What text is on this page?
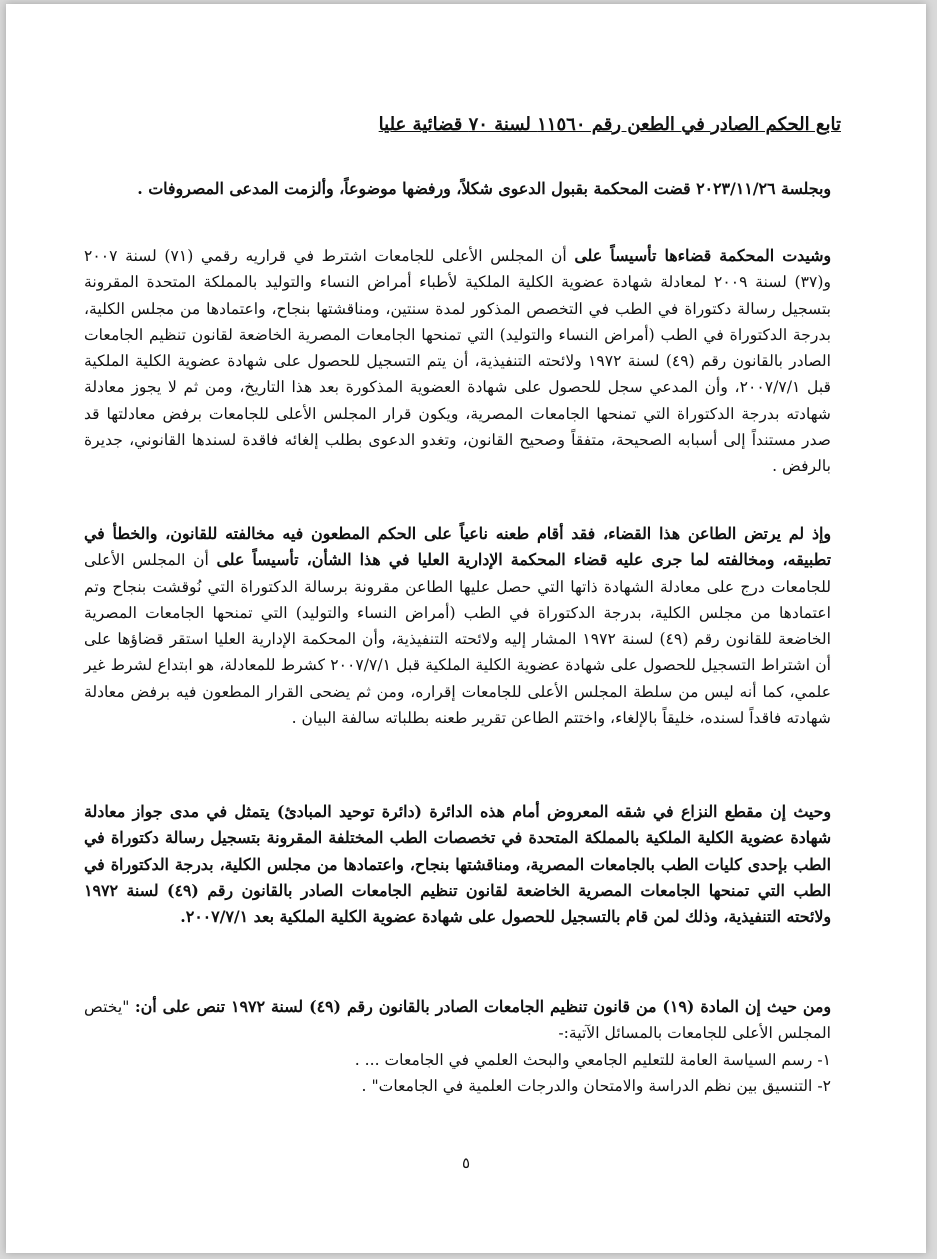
تابع الحكم الصادر في الطعن رقم ١١٥٦٠ لسنة ٧٠ قضائية عليا
وبجلسة ٢٠٢٣/١١/٢٦ قضت المحكمة بقبول الدعوى شكلاً، ورفضها موضوعاً، وألزمت المدعى المصروفات .
وشيدت المحكمة قضاءها تأسيساً على أن المجلس الأعلى للجامعات اشترط في قراريه رقمي (٧١) لسنة ٢٠٠٧ و(٣٧) لسنة ٢٠٠٩ لمعادلة شهادة عضوية الكلية الملكية لأطباء أمراض النساء والتوليد بالمملكة المتحدة المقرونة بتسجيل رسالة دكتوراة في الطب في التخصص المذكور لمدة سنتين، ومناقشتها بنجاح، واعتمادها من مجلس الكلية، بدرجة الدكتوراة في الطب (أمراض النساء والتوليد) التي تمنحها الجامعات المصرية الخاضعة لقانون تنظيم الجامعات الصادر بالقانون رقم (٤٩) لسنة ١٩٧٢ ولائحته التنفيذية، أن يتم التسجيل للحصول على شهادة عضوية الكلية الملكية قبل ٢٠٠٧/٧/١، وأن المدعي سجل للحصول على شهادة العضوية المذكورة بعد هذا التاريخ، ومن ثم لا يجوز معادلة شهادته بدرجة الدكتوراة التي تمنحها الجامعات المصرية، ويكون قرار المجلس الأعلى للجامعات برفض معادلتها قد صدر مستنداً إلى أسبابه الصحيحة، متفقاً وصحيح القانون، وتغدو الدعوى بطلب إلغائه فاقدة لسندها القانوني، جديرة بالرفض .
وإذ لم يرتض الطاعن هذا القضاء، فقد أقام طعنه ناعياً على الحكم المطعون فيه مخالفته للقانون، والخطأ في تطبيقه، ومخالفته لما جرى عليه قضاء المحكمة الإدارية العليا في هذا الشأن، تأسيساً على أن المجلس الأعلى للجامعات درج على معادلة الشهادة ذاتها التي حصل عليها الطاعن مقرونة برسالة الدكتوراة التي نُوقشت بنجاح وتم اعتمادها من مجلس الكلية، بدرجة الدكتوراة في الطب (أمراض النساء والتوليد) التي تمنحها الجامعات المصرية الخاضعة للقانون رقم (٤٩) لسنة ١٩٧٢ المشار إليه ولائحته التنفيذية، وأن المحكمة الإدارية العليا استقر قضاؤها على أن اشتراط التسجيل للحصول على شهادة عضوية الكلية الملكية قبل ٢٠٠٧/٧/١ كشرط للمعادلة، هو ابتداع لشرط غير علمي، كما أنه ليس من سلطة المجلس الأعلى للجامعات إقراره، ومن ثم يضحى القرار المطعون فيه برفض معادلة شهادته فاقداً لسنده، خليقاً بالإلغاء، واختتم الطاعن تقرير طعنه بطلباته سالفة البيان .
وحيث إن مقطع النزاع في شقه المعروض أمام هذه الدائرة (دائرة توحيد المبادئ) يتمثل في مدى جواز معادلة شهادة عضوية الكلية الملكية بالمملكة المتحدة في تخصصات الطب المختلفة المقرونة بتسجيل رسالة دكتوراة في الطب بإحدى كليات الطب بالجامعات المصرية، ومناقشتها بنجاح، واعتمادها من مجلس الكلية، بدرجة الدكتوراة في الطب التي تمنحها الجامعات المصرية الخاضعة لقانون تنظيم الجامعات الصادر بالقانون رقم (٤٩) لسنة ١٩٧٢ ولائحته التنفيذية، وذلك لمن قام بالتسجيل للحصول على شهادة عضوية الكلية الملكية بعد ٢٠٠٧/٧/١.
ومن حيث إن المادة (١٩) من قانون تنظيم الجامعات الصادر بالقانون رقم (٤٩) لسنة ١٩٧٢ تنص على أن: "يختص المجلس الأعلى للجامعات بالمسائل الآتية:-
١- رسم السياسة العامة للتعليم الجامعي والبحث العلمي في الجامعات ... .
٢- التنسيق بين نظم الدراسة والامتحان والدرجات العلمية في الجامعات" .
٥
